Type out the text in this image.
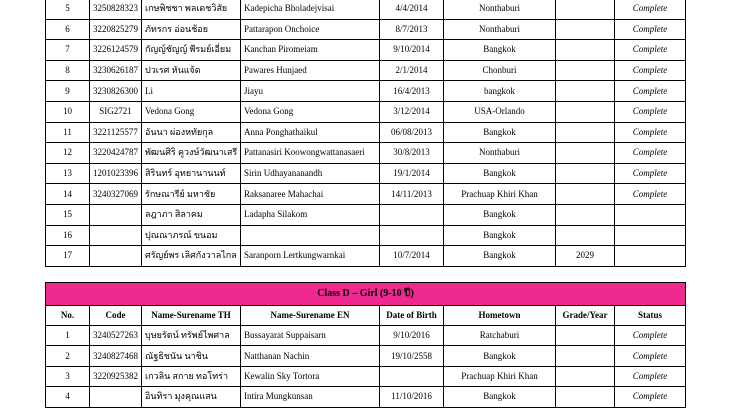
5	3250828323	เกษพิชชา พลเดชวิสัย	Kadepicha Bholadejvisai	4/4/2014	Nonthaburi		Complete
6	3220825279	ภัทรกร อ่อนช้อย	Pattarapon Onchoice	8/7/2013	Nonthaburi		Complete
7	3226124579	กัญญ์ชัญญ์ พีรมย์เอี่ยม	Kanchan Piromeiam	9/10/2014	Bangkok		Complete
8	3230626187	ปวเรศ หันแจ้ด	Pawares Hunjaed	2/1/2014	Chonburi		Complete
9	3230826300	Li	Jiayu	16/4/2013	bangkok		Complete
10	SIG2721	Vedona Gong	Vedona Gong	3/12/2014	USA-Orlando		Complete
11	3221125577	อันนา ผ่องหทัยกุล	Anna Ponghathaikul	06/08/2013	Bangkok		Complete
12	3220424787	พัฒนศิริ คูวงษ์วัฒนาเสรี	Pattanasiri Koowongwattanasaeri	30/8/2013	Nonthaburi		Complete
13	1201023396	สิรินทร์ อุทยานานนท์	Sirin Udhayananandh	19/1/2014	Bangkok		Complete
14	3240327069	รักษณารีย์ มหาชัย	Raksanaree Mahachai	14/11/2013	Prachuap Khiri Khan		Complete
15		ลฎาภา สิลาคม	Ladapha Silakom		Bangkok		
16		ปุณณาภรณ์ ขนอม			Bangkok		
17		ศรัญย์พร เลิศกังวาลไกล	Saranporn Lertkungwarnkai	10/7/2014	Bangkok	2029	
Class D – Girl (9-10 ปี)							
No.	Code	Name-Surename TH	Name-Surename EN	Date of Birth	Hometown	Grade/Year	Status
1	3240527263	บุษยรัตน์ ทรัพย์ไพศาล	Bussayarat Suppaisarn	9/10/2016	Ratchaburi		Complete
2	3240827468	ณัฐธิชนัน นาชิน	Natthanan Nachin	19/10/2558	Bangkok		Complete
3	3220925382	เกวลิน สกาย ทอโทร่า	Kewalin Sky Tortora		Prachuap Khiri Khan		Complete
4		อินทิรา มุงคุณแสน	Intira Mungkunsan	11/10/2016	Bangkok		Complete
